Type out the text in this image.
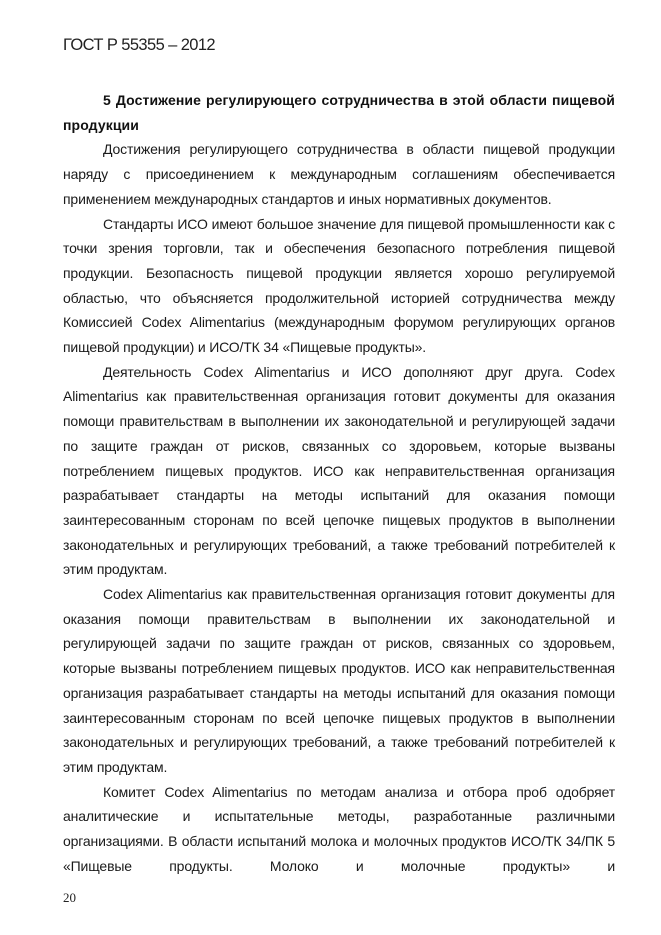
ГОСТ Р 55355 – 2012

5 Достижение регулирующего сотрудничества в этой области пищевой продукции

Достижения регулирующего сотрудничества в области пищевой продукции наряду с присоединением к международным соглашениям обеспечивается применением международных стандартов и иных нормативных документов.

Стандарты ИСО имеют большое значение для пищевой промышленности как с точки зрения торговли, так и обеспечения безопасного потребления пищевой продукции. Безопасность пищевой продукции является хорошо регулируемой областью, что объясняется продолжительной историей сотрудничества между Комиссией Codex Alimentarius (международным форумом регулирующих органов пищевой продукции) и ИСО/ТК 34 «Пищевые продукты».

Деятельность Codex Alimentarius и ИСО дополняют друг друга. Codex Alimentarius как правительственная организация готовит документы для оказания помощи правительствам в выполнении их законодательной и регулирующей задачи по защите граждан от рисков, связанных со здоровьем, которые вызваны потреблением пищевых продуктов. ИСО как неправительственная организация разрабатывает стандарты на методы испытаний для оказания помощи заинтересованным сторонам по всей цепочке пищевых продуктов в выполнении законодательных и регулирующих требований, а также требований потребителей к этим продуктам.

Codex Alimentarius как правительственная организация готовит документы для оказания помощи правительствам в выполнении их законодательной и регулирующей задачи по защите граждан от рисков, связанных со здоровьем, которые вызваны потреблением пищевых продуктов. ИСО как неправительственная организация разрабатывает стандарты на методы испытаний для оказания помощи заинтересованным сторонам по всей цепочке пищевых продуктов в выполнении законодательных и регулирующих требований, а также требований потребителей к этим продуктам.

Комитет Codex Alimentarius по методам анализа и отбора проб одобряет аналитические и испытательные методы, разработанные различными организациями. В области испытаний молока и молочных продуктов ИСО/ТК 34/ПК 5 «Пищевые продукты. Молоко и молочные продукты» и

20
